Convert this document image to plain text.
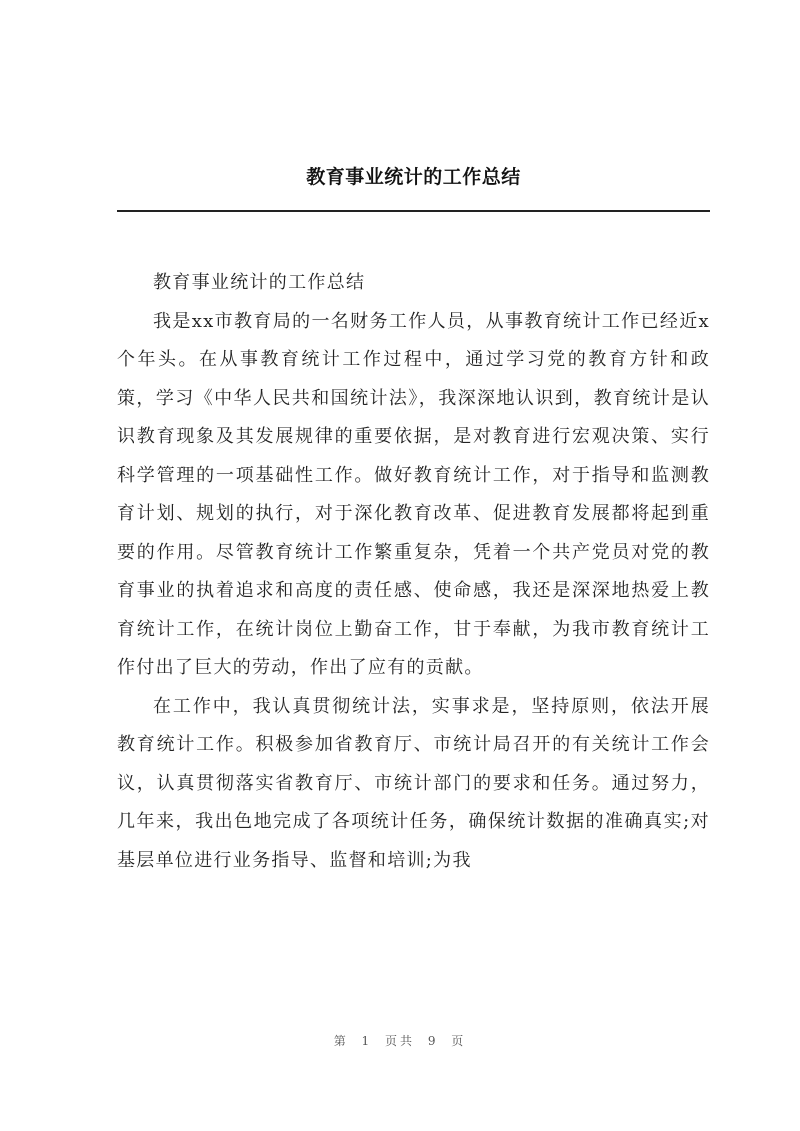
教育事业统计的工作总结

教育事业统计的工作总结

我是xx市教育局的一名财务工作人员，从事教育统计工作已经近x个年头。在从事教育统计工作过程中，通过学习党的教育方针和政策，学习《中华人民共和国统计法》，我深深地认识到，教育统计是认识教育现象及其发展规律的重要依据，是对教育进行宏观决策、实行科学管理的一项基础性工作。做好教育统计工作，对于指导和监测教育计划、规划的执行，对于深化教育改革、促进教育发展都将起到重要的作用。尽管教育统计工作繁重复杂，凭着一个共产党员对党的教育事业的执着追求和高度的责任感、使命感，我还是深深地热爱上教育统计工作，在统计岗位上勤奋工作，甘于奉献，为我市教育统计工作付出了巨大的劳动，作出了应有的贡献。

在工作中，我认真贯彻统计法，实事求是，坚持原则，依法开展教育统计工作。积极参加省教育厅、市统计局召开的有关统计工作会议，认真贯彻落实省教育厅、市统计部门的要求和任务。通过努力，几年来，我出色地完成了各项统计任务，确保统计数据的准确真实;对基层单位进行业务指导、监督和培训;为我

第 1 页共 9 页
